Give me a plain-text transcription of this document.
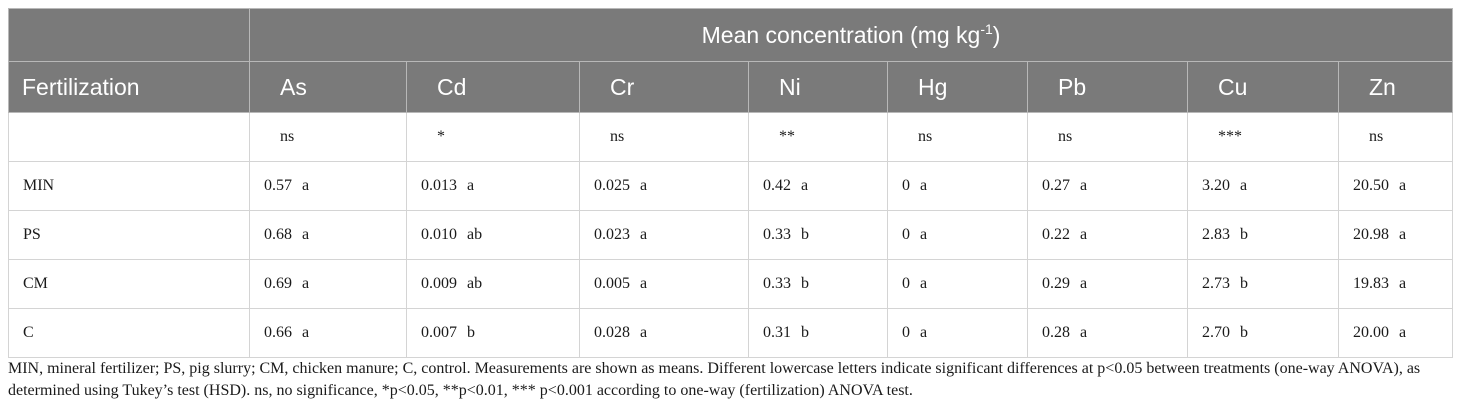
	Mean concentration (mg $kg^{-1}$)							
Fertilization	As	Cd	Cr	Ni	Hg	Pb	Cu	Zn
	ns	*	ns	**	ns	ns	***	ns
MIN	0.57 a	0.013 a	0.025 a	0.42 a	0 a	0.27 a	3.20 a	20.50 a
PS	0.68 a	0.010 ab	0.023 a	0.33 b	0 a	0.22 a	2.83 b	20.98 a
CM	0.69 a	0.009 ab	0.005 a	0.33 b	0 a	0.29 a	2.73 b	19.83 a
C	0.66 a	0.007 b	0.028 a	0.31 b	0 a	0.28 a	2.70 b	20.00 a

MIN, mineral fertilizer; PS, pig slurry; CM, chicken manure; C, control. Measurements are shown as means. Different lowercase letters indicate significant differences at p<0.05 between treatments (one-way ANOVA), as determined using Tukey’s test (HSD). ns, no significance, *p<0.05, **p<0.01, *** p<0.001 according to one-way (fertilization) ANOVA test.
